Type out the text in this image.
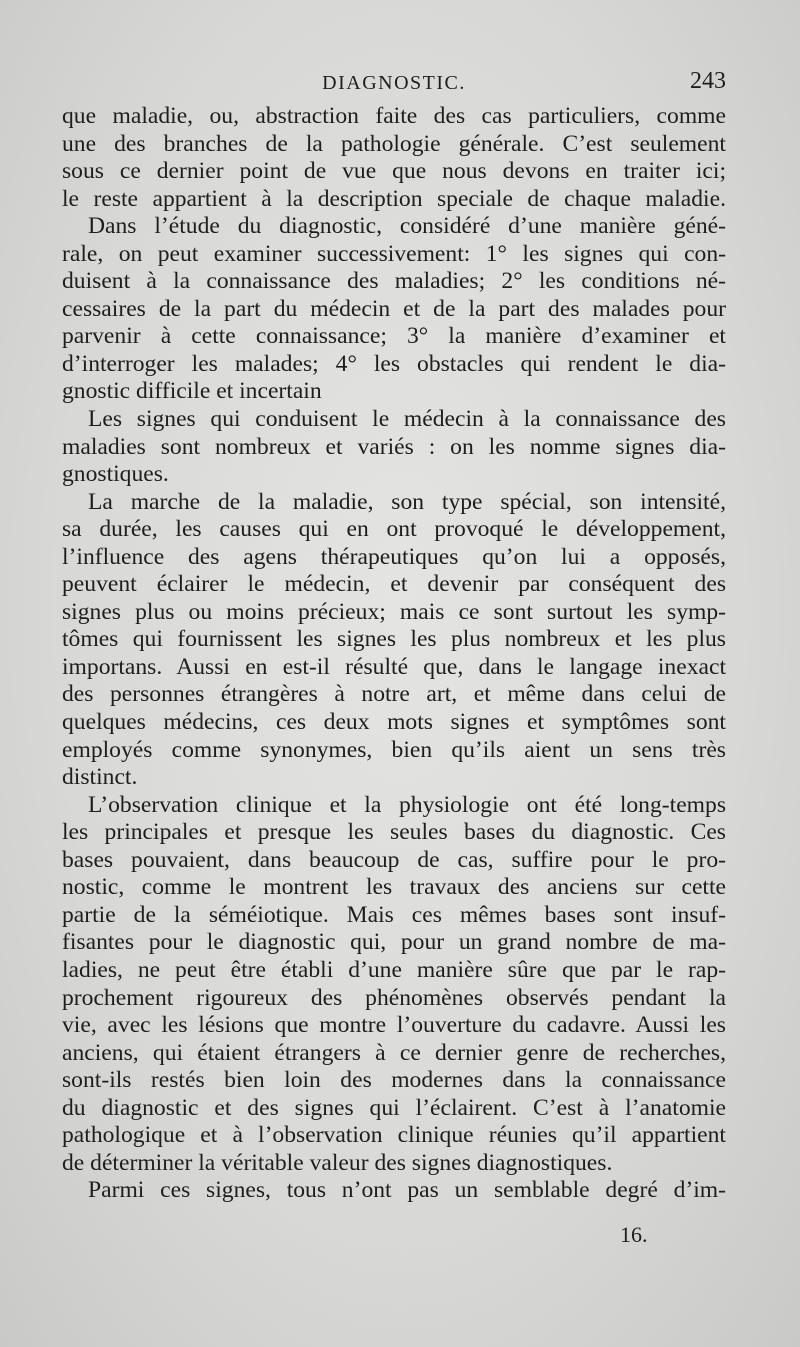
DIAGNOSTIC.	243
que maladie, ou, abstraction faite des cas particuliers, comme
une des branches de la pathologie générale. C’est seulement
sous ce dernier point de vue que nous devons en traiter ici;
le reste appartient à la description speciale de chaque maladie.
Dans l’étude du diagnostic, considéré d’une manière géné-
rale, on peut examiner successivement: 1° les signes qui con-
duisent à la connaissance des maladies; 2° les conditions né-
cessaires de la part du médecin et de la part des malades pour
parvenir à cette connaissance; 3° la manière d’examiner et
d’interroger les malades; 4° les obstacles qui rendent le dia-
gnostic difficile et incertain
Les signes qui conduisent le médecin à la connaissance des
maladies sont nombreux et variés : on les nomme signes dia-
gnostiques.
La marche de la maladie, son type spécial, son intensité,
sa durée, les causes qui en ont provoqué le développement,
l’influence des agens thérapeutiques qu’on lui a opposés,
peuvent éclairer le médecin, et devenir par conséquent des
signes plus ou moins précieux; mais ce sont surtout les symp-
tômes qui fournissent les signes les plus nombreux et les plus
importans. Aussi en est-il résulté que, dans le langage inexact
des personnes étrangères à notre art, et même dans celui de
quelques médecins, ces deux mots signes et symptômes sont
employés comme synonymes, bien qu’ils aient un sens très
distinct.
L’observation clinique et la physiologie ont été long-temps
les principales et presque les seules bases du diagnostic. Ces
bases pouvaient, dans beaucoup de cas, suffire pour le pro-
nostic, comme le montrent les travaux des anciens sur cette
partie de la séméiotique. Mais ces mêmes bases sont insuf-
fisantes pour le diagnostic qui, pour un grand nombre de ma-
ladies, ne peut être établi d’une manière sûre que par le rap-
prochement rigoureux des phénomènes observés pendant la
vie, avec les lésions que montre l’ouverture du cadavre. Aussi les
anciens, qui étaient étrangers à ce dernier genre de recherches,
sont-ils restés bien loin des modernes dans la connaissance
du diagnostic et des signes qui l’éclairent. C’est à l’anatomie
pathologique et à l’observation clinique réunies qu’il appartient
de déterminer la véritable valeur des signes diagnostiques.
Parmi ces signes, tous n’ont pas un semblable degré d’im-
16.
